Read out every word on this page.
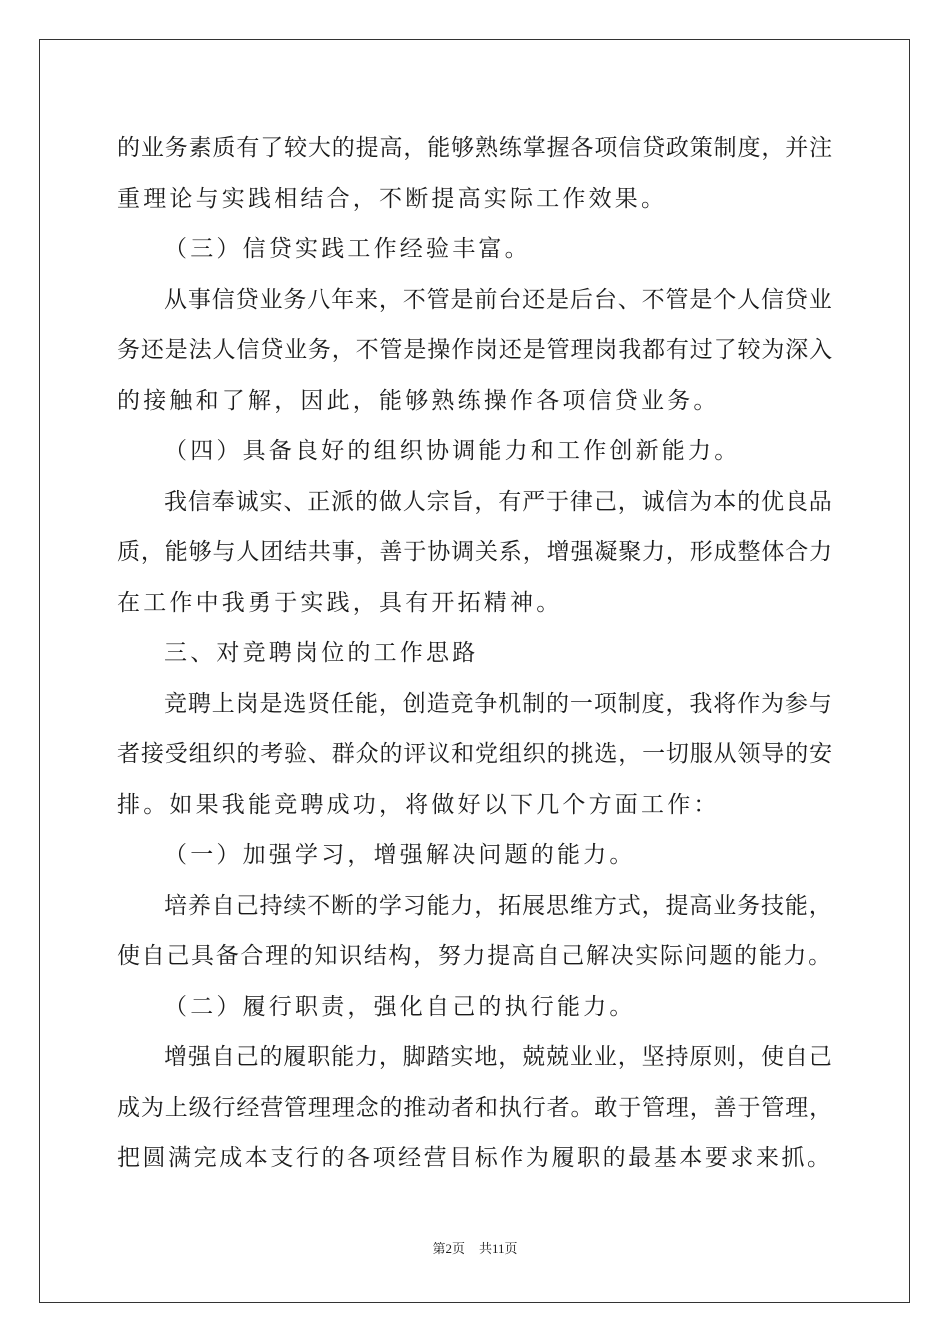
的业务素质有了较大的提高，能够熟练掌握各项信贷政策制度，并注
重理论与实践相结合，不断提高实际工作效果。
（三）信贷实践工作经验丰富。
从事信贷业务八年来，不管是前台还是后台、不管是个人信贷业
务还是法人信贷业务，不管是操作岗还是管理岗我都有过了较为深入
的接触和了解，因此，能够熟练操作各项信贷业务。
（四）具备良好的组织协调能力和工作创新能力。
我信奉诚实、正派的做人宗旨，有严于律己，诚信为本的优良品
质，能够与人团结共事，善于协调关系，增强凝聚力，形成整体合力
在工作中我勇于实践，具有开拓精神。
三、对竞聘岗位的工作思路
竞聘上岗是选贤任能，创造竞争机制的一项制度，我将作为参与
者接受组织的考验、群众的评议和党组织的挑选，一切服从领导的安
排。如果我能竞聘成功，将做好以下几个方面工作：
（一）加强学习，增强解决问题的能力。
培养自己持续不断的学习能力，拓展思维方式，提高业务技能，
使自己具备合理的知识结构，努力提高自己解决实际问题的能力。
（二）履行职责，强化自己的执行能力。
增强自己的履职能力，脚踏实地，兢兢业业，坚持原则，使自己
成为上级行经营管理理念的推动者和执行者。敢于管理，善于管理，
把圆满完成本支行的各项经营目标作为履职的最基本要求来抓。
第2页 共11页
